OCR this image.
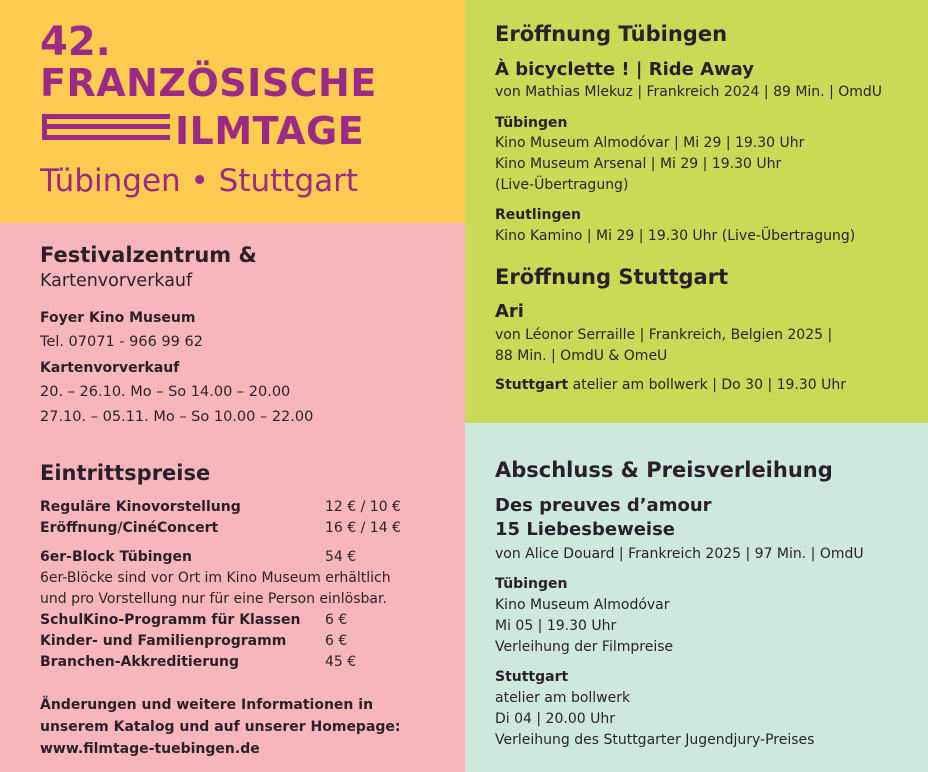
42.
FRANZÖSISCHE
ILMTAGE
Tübingen • Stuttgart
Festivalzentrum &
Kartenvorverkauf
Foyer Kino Museum
Tel. 07071 - 966 99 62
Kartenvorverkauf
20. – 26.10. Mo – So 14.00 – 20.00
27.10. – 05.11. Mo – So 10.00 – 22.00
Eintrittspreise
Reguläre Kinovorstellung	12 € / 10 €
Eröffnung/CinéConcert	16 € / 14 €
6er-Block Tübingen	54 €
6er-Blöcke sind vor Ort im Kino Museum erhältlich
und pro Vorstellung nur für eine Person einlösbar.
SchulKino-Programm für Klassen 6 €
Kinder- und Familienprogramm	6 €
Branchen-Akkreditierung	45 €
Änderungen und weitere Informationen in
unserem Katalog und auf unserer Homepage:
www.filmtage-tuebingen.de
Eröffnung Tübingen
À bicyclette ! | Ride Away
von Mathias Mlekuz | Frankreich 2024 | 89 Min. | OmdU
Tübingen
Kino Museum Almodóvar | Mi 29 | 19.30 Uhr
Kino Museum Arsenal | Mi 29 | 19.30 Uhr
(Live-Übertragung)
Reutlingen
Kino Kamino | Mi 29 | 19.30 Uhr (Live-Übertragung)
Eröffnung Stuttgart
Ari
von Léonor Serraille | Frankreich, Belgien 2025 |
88 Min. | OmdU & OmeU
Stuttgart atelier am bollwerk | Do 30 | 19.30 Uhr
Abschluss & Preisverleihung
Des preuves d’amour
15 Liebesbeweise
von Alice Douard | Frankreich 2025 | 97 Min. | OmdU
Tübingen
Kino Museum Almodóvar
Mi 05 | 19.30 Uhr
Verleihung der Filmpreise
Stuttgart
atelier am bollwerk
Di 04 | 20.00 Uhr
Verleihung des Stuttgarter Jugendjury-Preises
